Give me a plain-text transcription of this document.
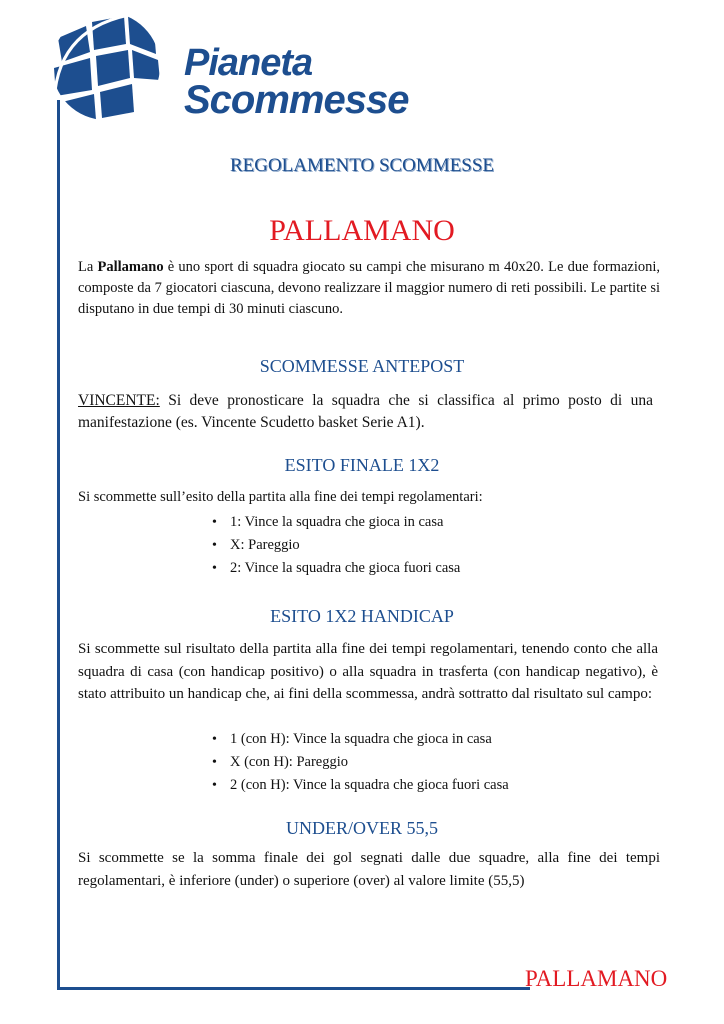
Pianeta
Scommesse
REGOLAMENTO SCOMMESSE
PALLAMANO
La Pallamano è uno sport di squadra giocato su campi che misurano m 40x20. Le due formazioni, composte da 7 giocatori ciascuna, devono realizzare il maggior numero di reti possibili. Le partite si disputano in due tempi di 30 minuti ciascuno.
SCOMMESSE ANTEPOST
VINCENTE: Si deve pronosticare la squadra che si classifica al primo posto di una manifestazione (es. Vincente Scudetto basket Serie A1).
ESITO FINALE 1X2
Si scommette sull’esito della partita alla fine dei tempi regolamentari:
• 1: Vince la squadra che gioca in casa
• X: Pareggio
• 2: Vince la squadra che gioca fuori casa
ESITO 1X2 HANDICAP
Si scommette sul risultato della partita alla fine dei tempi regolamentari, tenendo conto che alla squadra di casa (con handicap positivo) o alla squadra in trasferta (con handicap negativo), è stato attribuito un handicap che, ai fini della scommessa, andrà sottratto dal risultato sul campo:
• 1 (con H): Vince la squadra che gioca in casa
• X (con H): Pareggio
• 2 (con H): Vince la squadra che gioca fuori casa
UNDER/OVER 55,5
Si scommette se la somma finale dei gol segnati dalle due squadre, alla fine dei tempi regolamentari, è inferiore (under) o superiore (over) al valore limite (55,5)
PALLAMANO
